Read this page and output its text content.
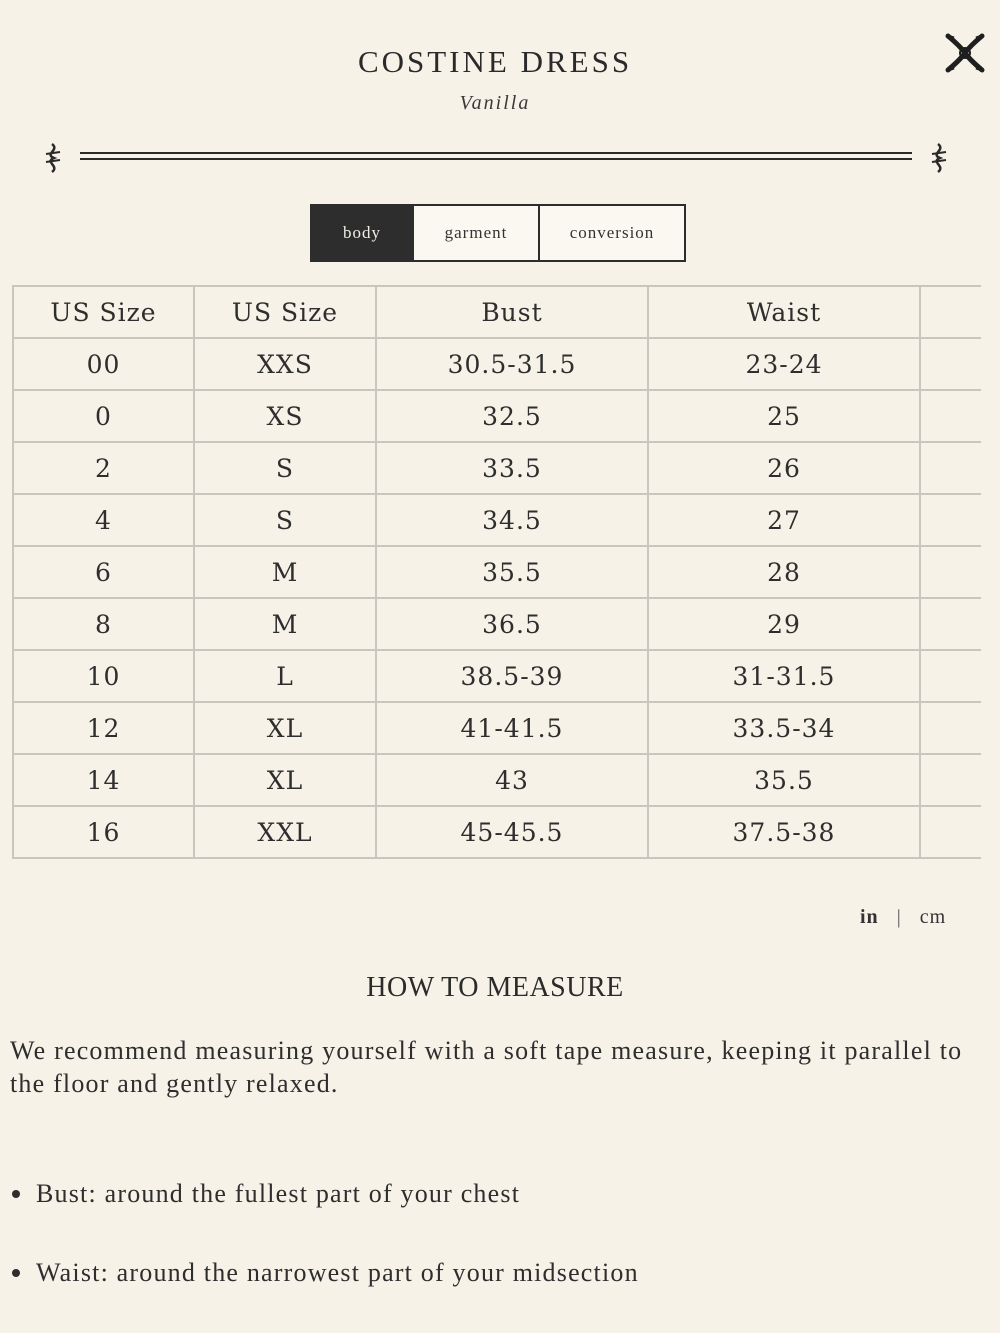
COSTINE DRESS
Vanilla
body	garment	conversion
US Size	US Size	Bust	Waist	
00	XXS	30.5-31.5	23-24	
0	XS	32.5	25	
2	S	33.5	26	
4	S	34.5	27	
6	M	35.5	28	
8	M	36.5	29	
10	L	38.5-39	31-31.5	
12	XL	41-41.5	33.5-34	
14	XL	43	35.5	
16	XXL	45-45.5	37.5-38	
in | cm
HOW TO MEASURE
We recommend measuring yourself with a soft tape measure, keeping it parallel to the floor and gently relaxed.
Bust: around the fullest part of your chest
Waist: around the narrowest part of your midsection
